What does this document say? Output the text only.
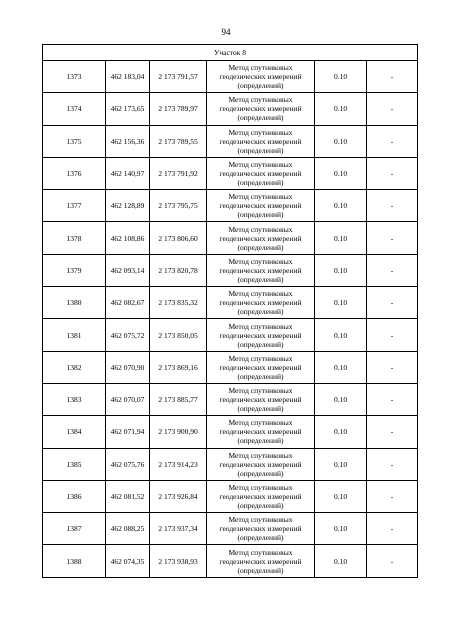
94
Участок 8					
1373	462 183,04	2 173 791,57	Метод спутниковых
геодезических измерений
(определений)	0.10	-
1374	462 173,65	2 173 789,97	Метод спутниковых
геодезических измерений
(определений)	0.10	-
1375	462 156,36	2 173 789,55	Метод спутниковых
геодезических измерений
(определений)	0.10	-
1376	462 140,97	2 173 791,92	Метод спутниковых
геодезических измерений
(определений)	0.10	-
1377	462 128,89	2 173 795,75	Метод спутниковых
геодезических измерений
(определений)	0.10	-
1378	462 108,86	2 173 806,60	Метод спутниковых
геодезических измерений
(определений)	0.10	-
1379	462 093,14	2 173 820,78	Метод спутниковых
геодезических измерений
(определений)	0.10	-
1380	462 082,67	2 173 835,32	Метод спутниковых
геодезических измерений
(определений)	0.10	-
1381	462 075,72	2 173 850,05	Метод спутниковых
геодезических измерений
(определений)	0.10	-
1382	462 070,90	2 173 869,16	Метод спутниковых
геодезических измерений
(определений)	0.10	-
1383	462 070,07	2 173 885,77	Метод спутниковых
геодезических измерений
(определений)	0.10	-
1384	462 071,94	2 173 900,90	Метод спутниковых
геодезических измерений
(определений)	0.10	-
1385	462 075,76	2 173 914,23	Метод спутниковых
геодезических измерений
(определений)	0.10	-
1386	462 081,52	2 173 926,84	Метод спутниковых
геодезических измерений
(определений)	0.10	-
1387	462 088,25	2 173 937,34	Метод спутниковых
геодезических измерений
(определений)	0.10	-
1388	462 074,35	2 173 938,93	Метод спутниковых
геодезических измерений
(определений)	0.10	-
